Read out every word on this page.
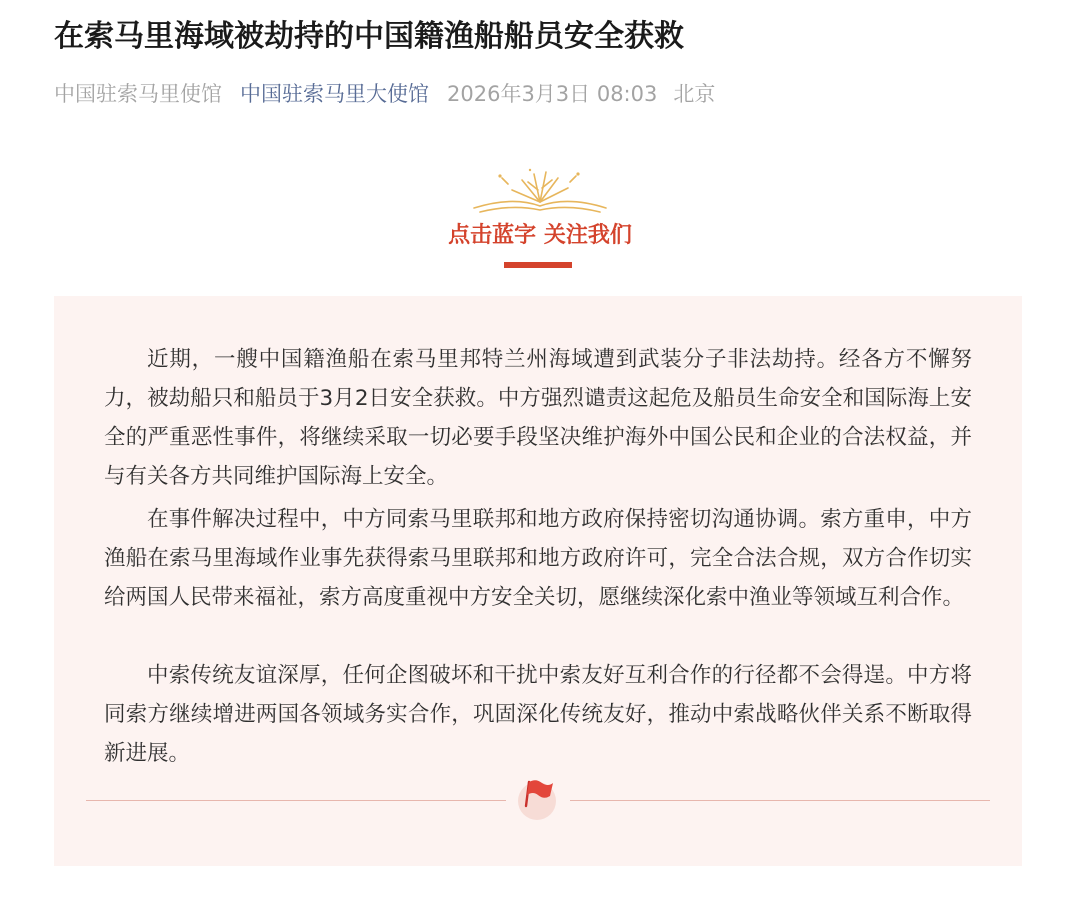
在索马里海域被劫持的中国籍渔船船员安全获救
中国驻索马里使馆 中国驻索马里大使馆 2026年3月3日 08:03 北京
点击蓝字 关注我们

近期，一艘中国籍渔船在索马里邦特兰州海域遭到武装分子非法劫持。经各方不懈努力，被劫船只和船员于3月2日安全获救。中方强烈谴责这起危及船员生命安全和国际海上安全的严重恶性事件，将继续采取一切必要手段坚决维护海外中国公民和企业的合法权益，并与有关各方共同维护国际海上安全。

在事件解决过程中，中方同索马里联邦和地方政府保持密切沟通协调。索方重申，中方渔船在索马里海域作业事先获得索马里联邦和地方政府许可，完全合法合规，双方合作切实给两国人民带来福祉，索方高度重视中方安全关切，愿继续深化索中渔业等领域互利合作。

中索传统友谊深厚，任何企图破坏和干扰中索友好互利合作的行径都不会得逞。中方将同索方继续增进两国各领域务实合作，巩固深化传统友好，推动中索战略伙伴关系不断取得新进展。
